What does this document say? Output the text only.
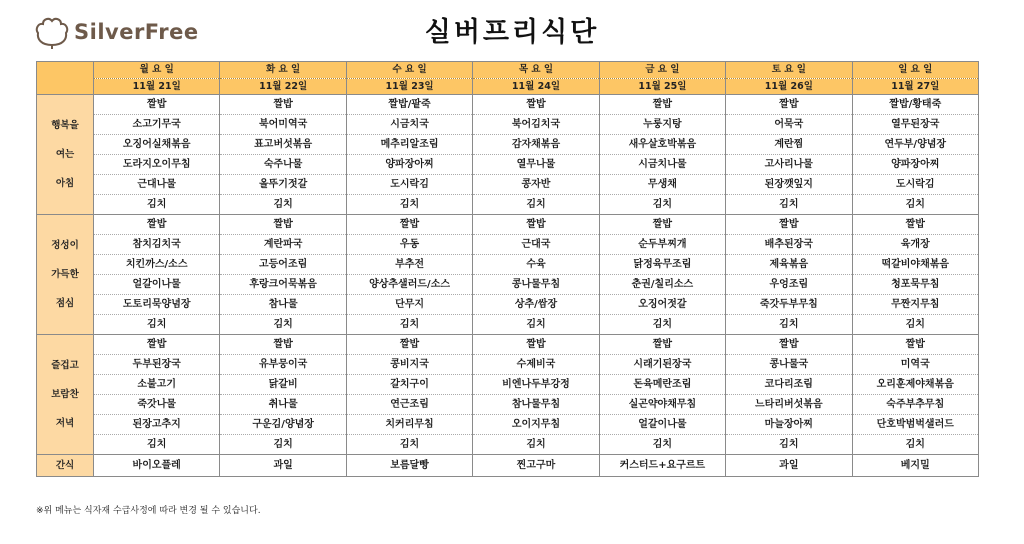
SilverFree	실버프리식단
	월 요 일	화 요 일	수 요 일	목 요 일	금 요 일	토 요 일	일 요 일
	11월 21일	11월 22일	11월 23일	11월 24일	11월 25일	11월 26일	11월 27일

행복을
여는
아침	짤밥	짤밥	짤밥/팥죽	짤밥	짤밥	짤밥	짤밥/황태죽
	소고기무국	북어미역국	시금치국	북어김치국	누룽지탕	어묵국	열무된장국
	오징어실채볶음	표고버섯볶음	메추리알조림	감자채볶음	새우살호박볶음	계란찜	연두부/양념장
	도라지오이무침	숙주나물	양파장아찌	열무나물	시금치나물	고사리나물	양파장아찌
	근대나물	올뚜기젓갈	도시락김	콩자반	무생채	된장깻잎지	도시락김
	김치	김치	김치	김치	김치	김치	김치

정성이
가득한
점심	짤밥	짤밥	짤밥	짤밥	짤밥	짤밥	짤밥
	참치김치국	계란파국	우동	근대국	순두부찌개	배추된장국	육개장
	치킨까스/소스	고등어조림	부추전	수육	닭정육무조림	제육볶음	떡갈비야채볶음
	얼갈이나물	후랑크어묵볶음	양상추샐러드/소스	콩나물무침	춘권/칠리소스	우엉조림	청포묵무침
	도토리묵양념장	참나물	단무지	상추/쌈장	오징어젓갈	죽갓두부무침	무짠지무침
	김치	김치	김치	김치	김치	김치	김치

즐겁고
보람찬
저녁	짤밥	짤밥	짤밥	짤밥	짤밥	짤밥	짤밥
	두부된장국	유부뭉이국	콩비지국	수제비국	시래기된장국	콩나물국	미역국
	소불고기	닭갈비	갈치구이	비엔나두부강정	돈육메란조림	코다리조림	오리훈제야채볶음
	죽갓나물	취나물	연근조림	참나물무침	실곤약야채무침	느타리버섯볶음	숙주부추무침
	된장고추지	구운김/양념장	치커리무침	오이지무침	얼갈이나물	마늘장아찌	단호박범벅샐러드
	김치	김치	김치	김치	김치	김치	김치
간식	바이오플레	과일	보름달빵	찐고구마	커스터드+요구르트	과일	베지밀
※위 메뉴는 식자재 수급사정에 따라 변경 될 수 있습니다.
